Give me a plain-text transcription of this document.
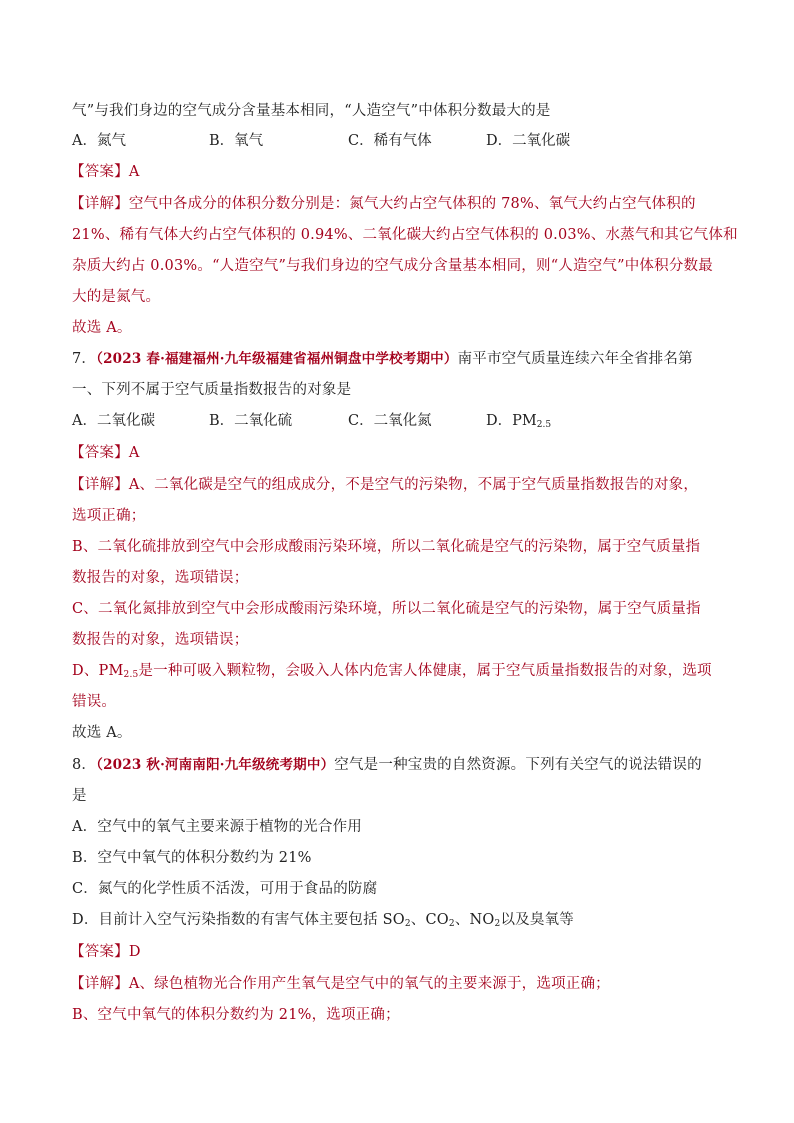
气”与我们身边的空气成分含量基本相同，“人造空气”中体积分数最大的是
A．氮气	B．氧气	C．稀有气体	D．二氧化碳
【答案】A
【详解】空气中各成分的体积分数分别是：氮气大约占空气体积的 78%、氧气大约占空气体积的
21%、稀有气体大约占空气体积的 0.94%、二氧化碳大约占空气体积的 0.03%、水蒸气和其它气体和
杂质大约占 0.03%。“人造空气”与我们身边的空气成分含量基本相同，则“人造空气”中体积分数最
大的是氮气。
故选 A。
7．（2023 春·福建福州·九年级福建省福州铜盘中学校考期中）南平市空气质量连续六年全省排名第
一、下列不属于空气质量指数报告的对象是
A．二氧化碳	B．二氧化硫	C．二氧化氮	D．$PM_{2.5}$
【答案】A
【详解】A、二氧化碳是空气的组成成分，不是空气的污染物，不属于空气质量指数报告的对象，
选项正确；
B、二氧化硫排放到空气中会形成酸雨污染环境，所以二氧化硫是空气的污染物，属于空气质量指
数报告的对象，选项错误；
C、二氧化氮排放到空气中会形成酸雨污染环境，所以二氧化硫是空气的污染物，属于空气质量指
数报告的对象，选项错误；
D、$PM_{2.5}$是一种可吸入颗粒物，会吸入人体内危害人体健康，属于空气质量指数报告的对象，选项
错误。
故选 A。
8．（2023 秋·河南南阳·九年级统考期中）空气是一种宝贵的自然资源。下列有关空气的说法错误的
是
A．空气中的氧气主要来源于植物的光合作用
B．空气中氧气的体积分数约为 21%
C．氮气的化学性质不活泼，可用于食品的防腐
D．目前计入空气污染指数的有害气体主要包括 $SO_2$、$CO_2$、$NO_2$以及臭氧等
【答案】D
【详解】A、绿色植物光合作用产生氧气是空气中的氧气的主要来源于，选项正确；
B、空气中氧气的体积分数约为 21%，选项正确；
